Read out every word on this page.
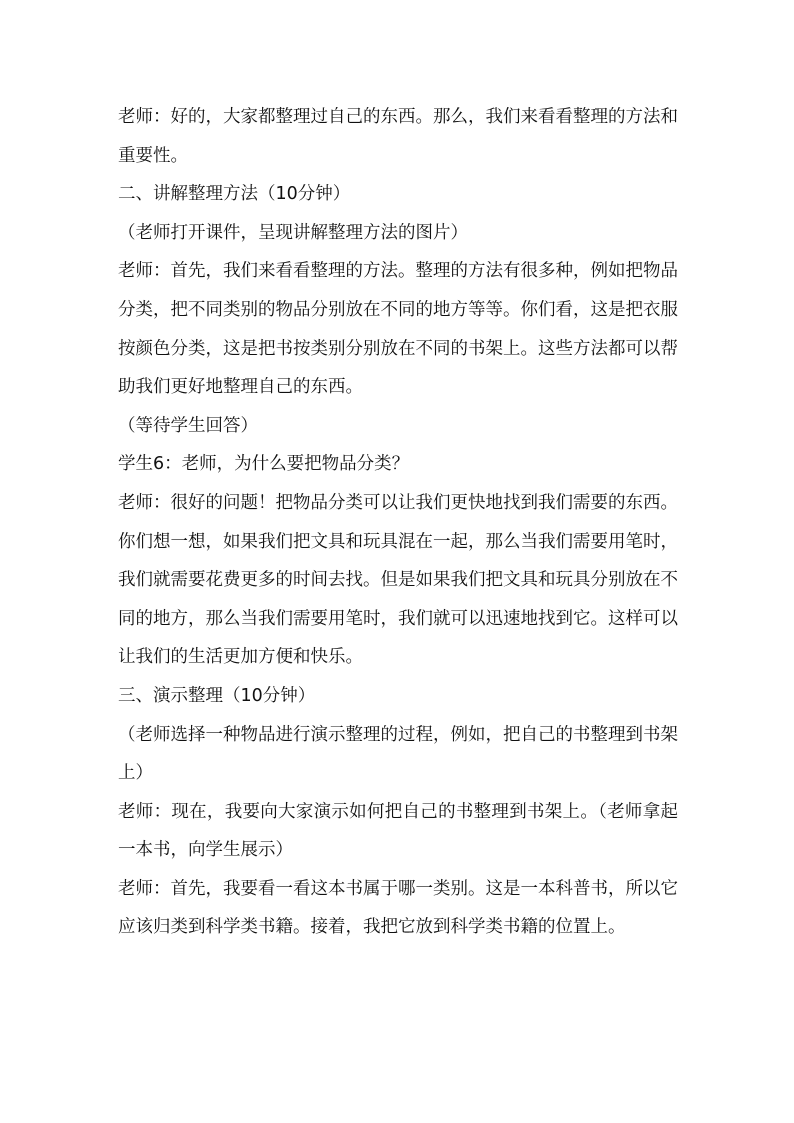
老师：好的，大家都整理过自己的东西。那么，我们来看看整理的方法和重要性。

二、讲解整理方法（10分钟）

（老师打开课件，呈现讲解整理方法的图片）

老师：首先，我们来看看整理的方法。整理的方法有很多种，例如把物品分类，把不同类别的物品分别放在不同的地方等等。你们看，这是把衣服按颜色分类，这是把书按类别分别放在不同的书架上。这些方法都可以帮助我们更好地整理自己的东西。

（等待学生回答）

学生6：老师，为什么要把物品分类？

老师：很好的问题！把物品分类可以让我们更快地找到我们需要的东西。你们想一想，如果我们把文具和玩具混在一起，那么当我们需要用笔时，我们就需要花费更多的时间去找。但是如果我们把文具和玩具分别放在不同的地方，那么当我们需要用笔时，我们就可以迅速地找到它。这样可以让我们的生活更加方便和快乐。

三、演示整理（10分钟）

（老师选择一种物品进行演示整理的过程，例如，把自己的书整理到书架上）

老师：现在，我要向大家演示如何把自己的书整理到书架上。（老师拿起一本书，向学生展示）

老师：首先，我要看一看这本书属于哪一类别。这是一本科普书，所以它应该归类到科学类书籍。接着，我把它放到科学类书籍的位置上。
